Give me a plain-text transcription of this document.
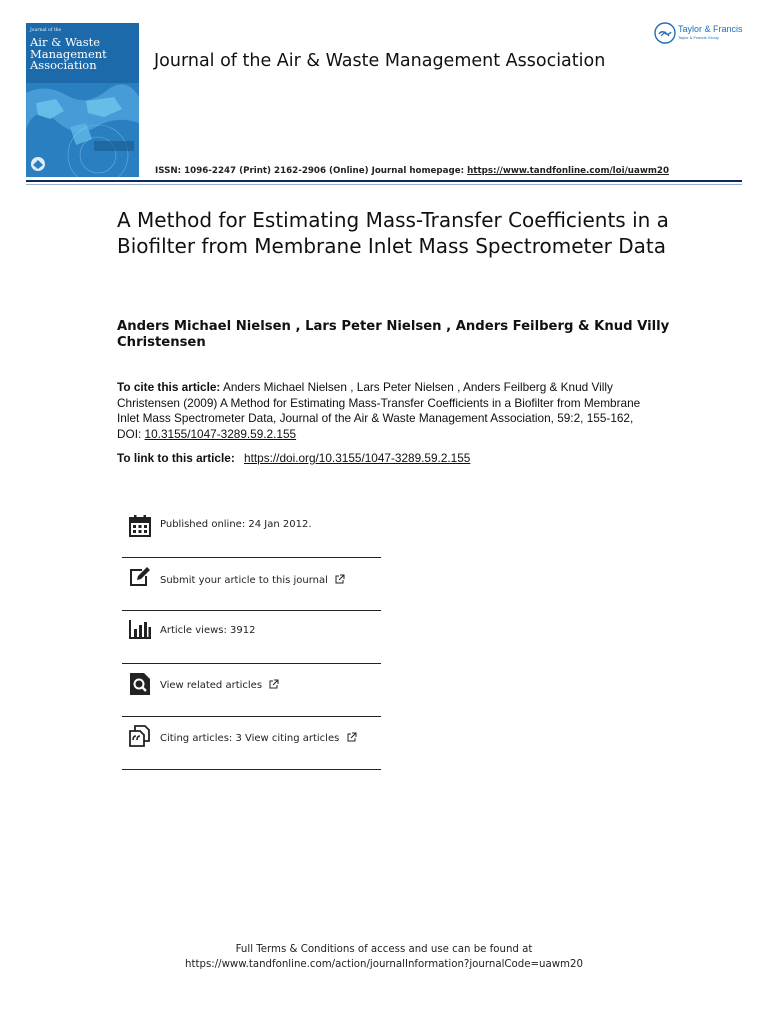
Journal of the
Air & Waste
Management
Association	Journal of the Air & Waste Management Association
Taylor & Francis
Taylor & Francis Group
ISSN: 1096-2247 (Print) 2162-2906 (Online) Journal homepage: https://www.tandfonline.com/loi/uawm20
A Method for Estimating Mass-Transfer Coefficients in a Biofilter from Membrane Inlet Mass Spectrometer Data
Anders Michael Nielsen , Lars Peter Nielsen , Anders Feilberg & Knud Villy Christensen
To cite this article: Anders Michael Nielsen , Lars Peter Nielsen , Anders Feilberg & Knud Villy Christensen (2009) A Method for Estimating Mass-Transfer Coefficients in a Biofilter from Membrane Inlet Mass Spectrometer Data, Journal of the Air & Waste Management Association, 59:2, 155-162, DOI: 10.3155/1047-3289.59.2.155
To link to this article: https://doi.org/10.3155/1047-3289.59.2.155
Published online: 24 Jan 2012.
Submit your article to this journal
Article views: 3912
View related articles
Citing articles: 3 View citing articles
Full Terms & Conditions of access and use can be found at
https://www.tandfonline.com/action/journalInformation?journalCode=uawm20
